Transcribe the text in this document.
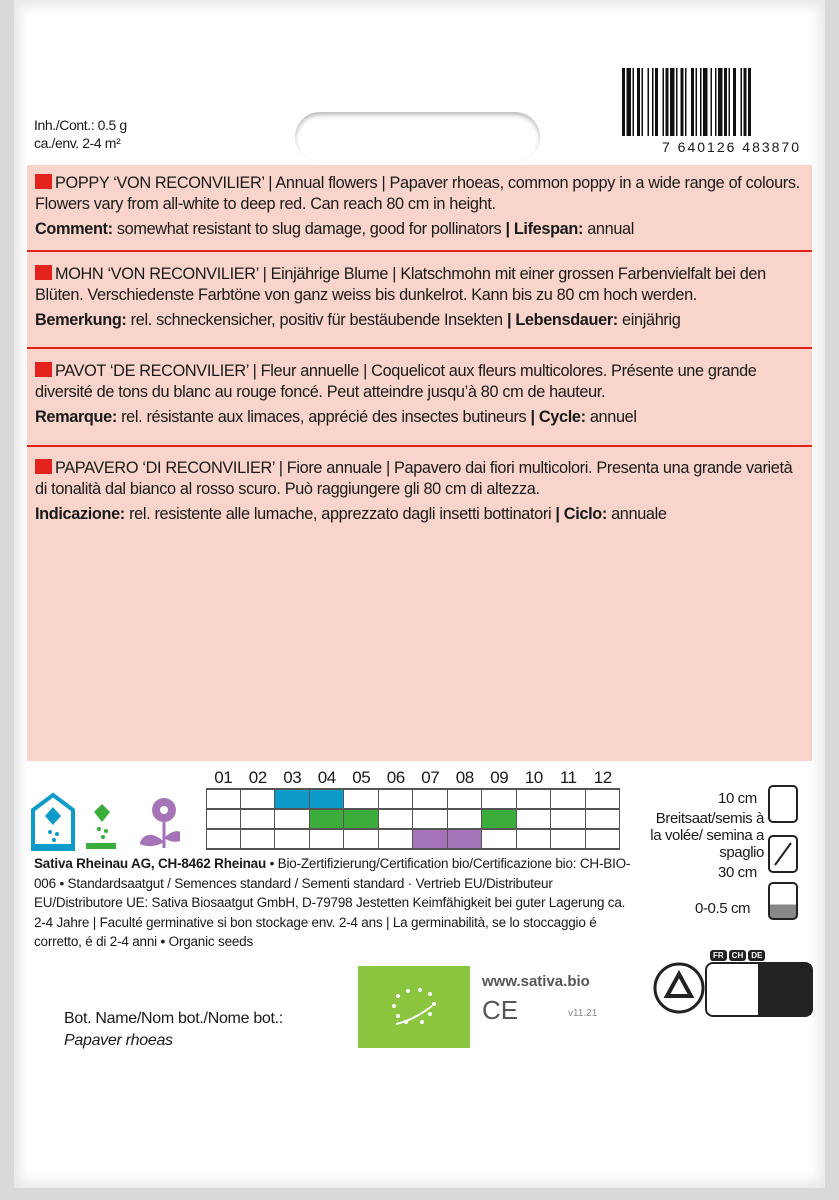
Inh./Cont.: 0.5 g
ca./env. 2-4 m²	7 640126 483870
POPPY ‘VON RECONVILIER’ | Annual flowers | Papaver rhoeas, common poppy in a wide range of colours. Flowers vary from all-white to deep red. Can reach 80 cm in height.
Comment: somewhat resistant to slug damage, good for pollinators | Lifespan: annual
MOHN ‘VON RECONVILIER’ | Einjährige Blume | Klatschmohn mit einer grossen Farbenvielfalt bei den Blüten. Verschiedenste Farbtöne von ganz weiss bis dunkelrot. Kann bis zu 80 cm hoch werden.
Bemerkung: rel. schneckensicher, positiv für bestäubende Insekten | Lebensdauer: einjährig
PAVOT ‘DE RECONVILIER’ | Fleur annuelle | Coquelicot aux fleurs multicolores. Présente une grande diversité de tons du blanc au rouge foncé. Peut atteindre jusqu’à 80 cm de hauteur.
Remarque: rel. résistante aux limaces, apprécié des insectes butineurs | Cycle: annuel
PAPAVERO ‘DI RECONVILIER’ | Fiore annuale | Papavero dai fiori multicolori. Presenta una grande varietà di tonalità dal bianco al rosso scuro. Può raggiungere gli 80 cm di altezza.
Indicazione: rel. resistente alle lumache, apprezzato dagli insetti bottinatori | Ciclo: annuale
01 02 03 04 05 06 07 08 09 10	11	12
Sativa Rheinau AG, CH-8462 Rheinau • Bio-Zertifizierung/Certification bio/Certificazione bio: CH-BIO-006 • Standardsaatgut / Semences standard / Sementi standard · Vertrieb EU/Distributeur EU/Distributore UE: Sativa Biosaatgut GmbH, D-79798 Jestetten Keimfähigkeit bei guter Lagerung ca. 2-4 Jahre | Faculté germinative si bon stockage env. 2-4 ans | La germinabilità, se lo stoccaggio é corretto, é di 2-4 anni • Organic seeds
10 cm
Breitsaat/semis à la volée/ semina a spaglio
30 cm
0-0.5 cm
Bot. Name/Nom bot./Nome bot.:
Papaver rhoeas
www.sativa.bio
CE	v11.21
FR	CH	DE
